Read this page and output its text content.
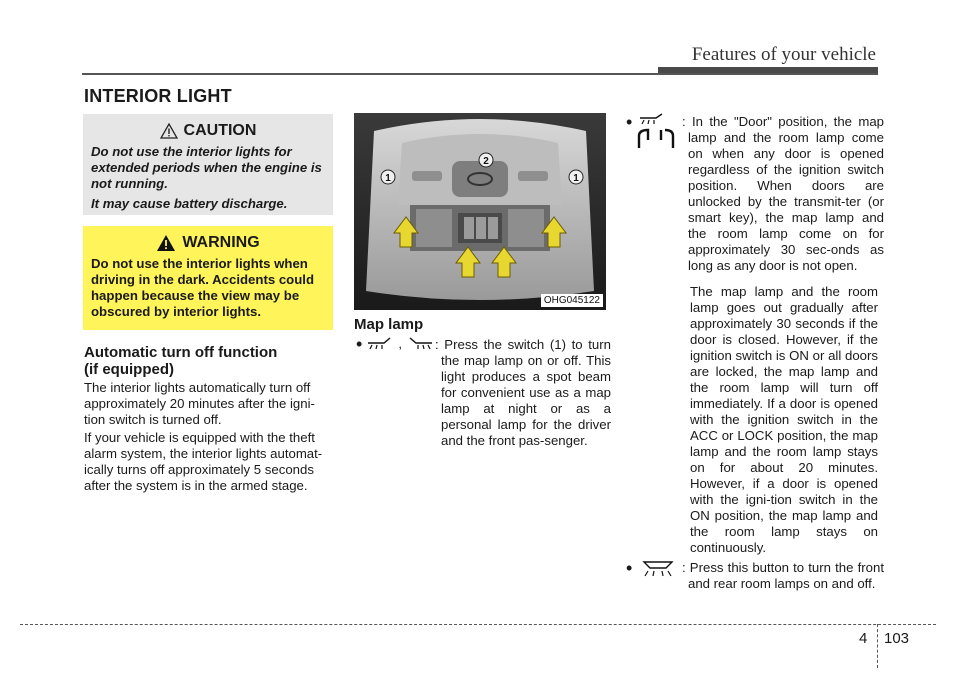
Features of your vehicle
INTERIOR LIGHT
CAUTION

Do not use the interior lights for extended periods when the engine is not running.

It may cause battery discharge.

WARNING

Do not use the interior lights when driving in the dark. Accidents could happen because the view may be obscured by interior lights.

Automatic turn off function
(if equipped)

The interior lights automatically turn off approximately 20 minutes after the igni-tion switch is turned off.

If your vehicle is equipped with the theft alarm system, the interior lights automat-ically turns off approximately 5 seconds after the system is in the armed stage.

1
2
1
OHG045122
Map lamp
•	,	: Press the switch (1) to turn the map lamp on or off. This light produces a spot beam for convenient use as a map lamp at night or as a personal lamp for the driver and the front pas-senger.

•	: In the "Door" position, the map lamp and the room lamp come on when any door is opened regardless of the ignition switch position. When doors are unlocked by the transmit-ter (or smart key), the map lamp and the room lamp come on for approximately 30 sec-onds as long as any door is not open.

The map lamp and the room lamp goes out gradually after approximately 30 seconds if the door is closed. However, if the ignition switch is ON or all doors are locked, the map lamp and the room lamp will turn off immediately. If a door is opened with the ignition switch in the ACC or LOCK position, the map lamp and the room lamp stays on for about 20 minutes. However, if a door is opened with the igni-tion switch in the ON position, the map lamp and the room lamp stays on continuously.

•	: Press this button to turn the front and rear room lamps on and off.

4 103
